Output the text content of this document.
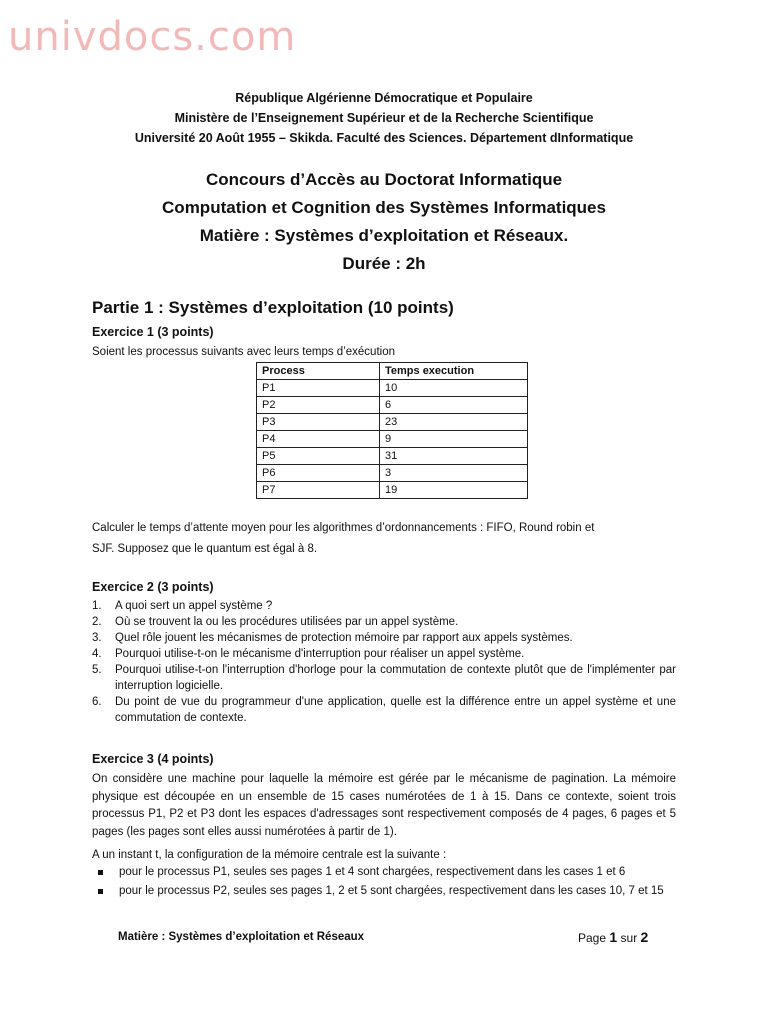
univdocs.com
République Algérienne Démocratique et Populaire
Ministère de l’Enseignement Supérieur et de la Recherche Scientifique
Université 20 Août 1955 – Skikda. Faculté des Sciences. Département dInformatique
Concours d’Accès au Doctorat Informatique
Computation et Cognition des Systèmes Informatiques
Matière : Systèmes d’exploitation et Réseaux.
Durée : 2h
Partie 1 : Systèmes d’exploitation (10 points)
Exercice 1 (3 points)
Soient les processus suivants avec leurs temps d’exécution
Process	Temps execution
P1	10
P2	6
P3	23
P4	9
P5	31
P6	3
P7	19
Calculer le temps d’attente moyen pour les algorithmes d’ordonnancements : FIFO, Round robin et
SJF. Supposez que le quantum est égal à 8.
Exercice 2 (3 points)
1. A quoi sert un appel système ?
2. Où se trouvent la ou les procédures utilisées par un appel système.
3. Quel rôle jouent les mécanismes de protection mémoire par rapport aux appels systèmes.
4. Pourquoi utilise-t-on le mécanisme d'interruption pour réaliser un appel système.
5. Pourquoi utilise-t-on l'interruption d'horloge pour la commutation de contexte plutôt que de l'implémenter par interruption logicielle.
6. Du point de vue du programmeur d'une application, quelle est la différence entre un appel système et une commutation de contexte.
Exercice 3 (4 points)
On considère une machine pour laquelle la mémoire est gérée par le mécanisme de pagination. La mémoire physique est découpée en un ensemble de 15 cases numérotées de 1 à 15. Dans ce contexte, soient trois processus P1, P2 et P3 dont les espaces d'adressages sont respectivement composés de 4 pages, 6 pages et 5 pages (les pages sont elles aussi numérotées à partir de 1).
A un instant t, la configuration de la mémoire centrale est la suivante :
pour le processus P1, seules ses pages 1 et 4 sont chargées, respectivement dans les cases 1 et 6
pour le processus P2, seules ses pages 1, 2 et 5 sont chargées, respectivement dans les cases 10, 7 et 15
Matière : Systèmes d’exploitation et Réseaux	Page 1 sur 2
